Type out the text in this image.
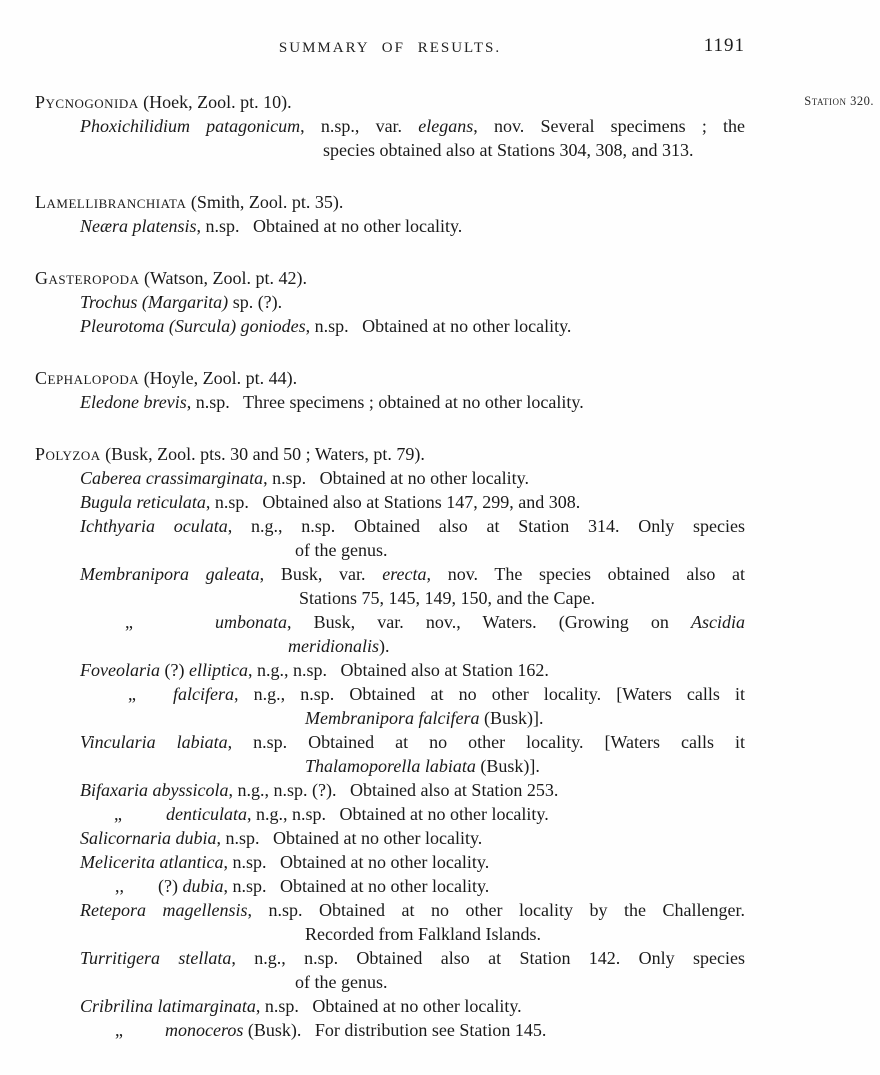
SUMMARY OF RESULTS.	1191
Station 320.
Pycnogonida (Hoek, Zool. pt. 10).
Phoxichilidium patagonicum, n.sp., var. elegans, nov. Several specimens ; the
species obtained also at Stations 304, 308, and 313.
Lamellibranchiata (Smith, Zool. pt. 35).
Neæra platensis, n.sp.   Obtained at no other locality.
Gasteropoda (Watson, Zool. pt. 42).
Trochus (Margarita) sp. (?).
Pleurotoma (Surcula) goniodes, n.sp.   Obtained at no other locality.
Cephalopoda (Hoyle, Zool. pt. 44).
Eledone brevis, n.sp.   Three specimens ; obtained at no other locality.
Polyzoa (Busk, Zool. pts. 30 and 50 ; Waters, pt. 79).
Caberea crassimarginata, n.sp.   Obtained at no other locality.
Bugula reticulata, n.sp.   Obtained also at Stations 147, 299, and 308.
Ichthyaria oculata, n.g., n.sp. Obtained also at Station 314. Only species
of the genus.
Membranipora galeata, Busk, var. erecta, nov. The species obtained also at
Stations 75, 145, 149, 150, and the Cape.
„	umbonata, Busk, var. nov., Waters. (Growing on Ascidia
meridionalis).
Foveolaria (?) elliptica, n.g., n.sp.   Obtained also at Station 162.
„ falcifera, n.g., n.sp. Obtained at no other locality. [Waters calls it
Membranipora falcifera (Busk)].
Vincularia labiata, n.sp. Obtained at no other locality. [Waters calls it
Thalamoporella labiata (Busk)].
Bifaxaria abyssicola, n.g., n.sp. (?).   Obtained also at Station 253.
„ denticulata, n.g., n.sp.   Obtained at no other locality.
Salicornaria dubia, n.sp.   Obtained at no other locality.
Melicerita atlantica, n.sp.   Obtained at no other locality.
,, (?) dubia, n.sp.   Obtained at no other locality.
Retepora magellensis, n.sp. Obtained at no other locality by the Challenger.
Recorded from Falkland Islands.
Turritigera stellata, n.g., n.sp. Obtained also at Station 142. Only species
of the genus.
Cribrilina latimarginata, n.sp.   Obtained at no other locality.
„ monoceros (Busk).   For distribution see Station 145.
